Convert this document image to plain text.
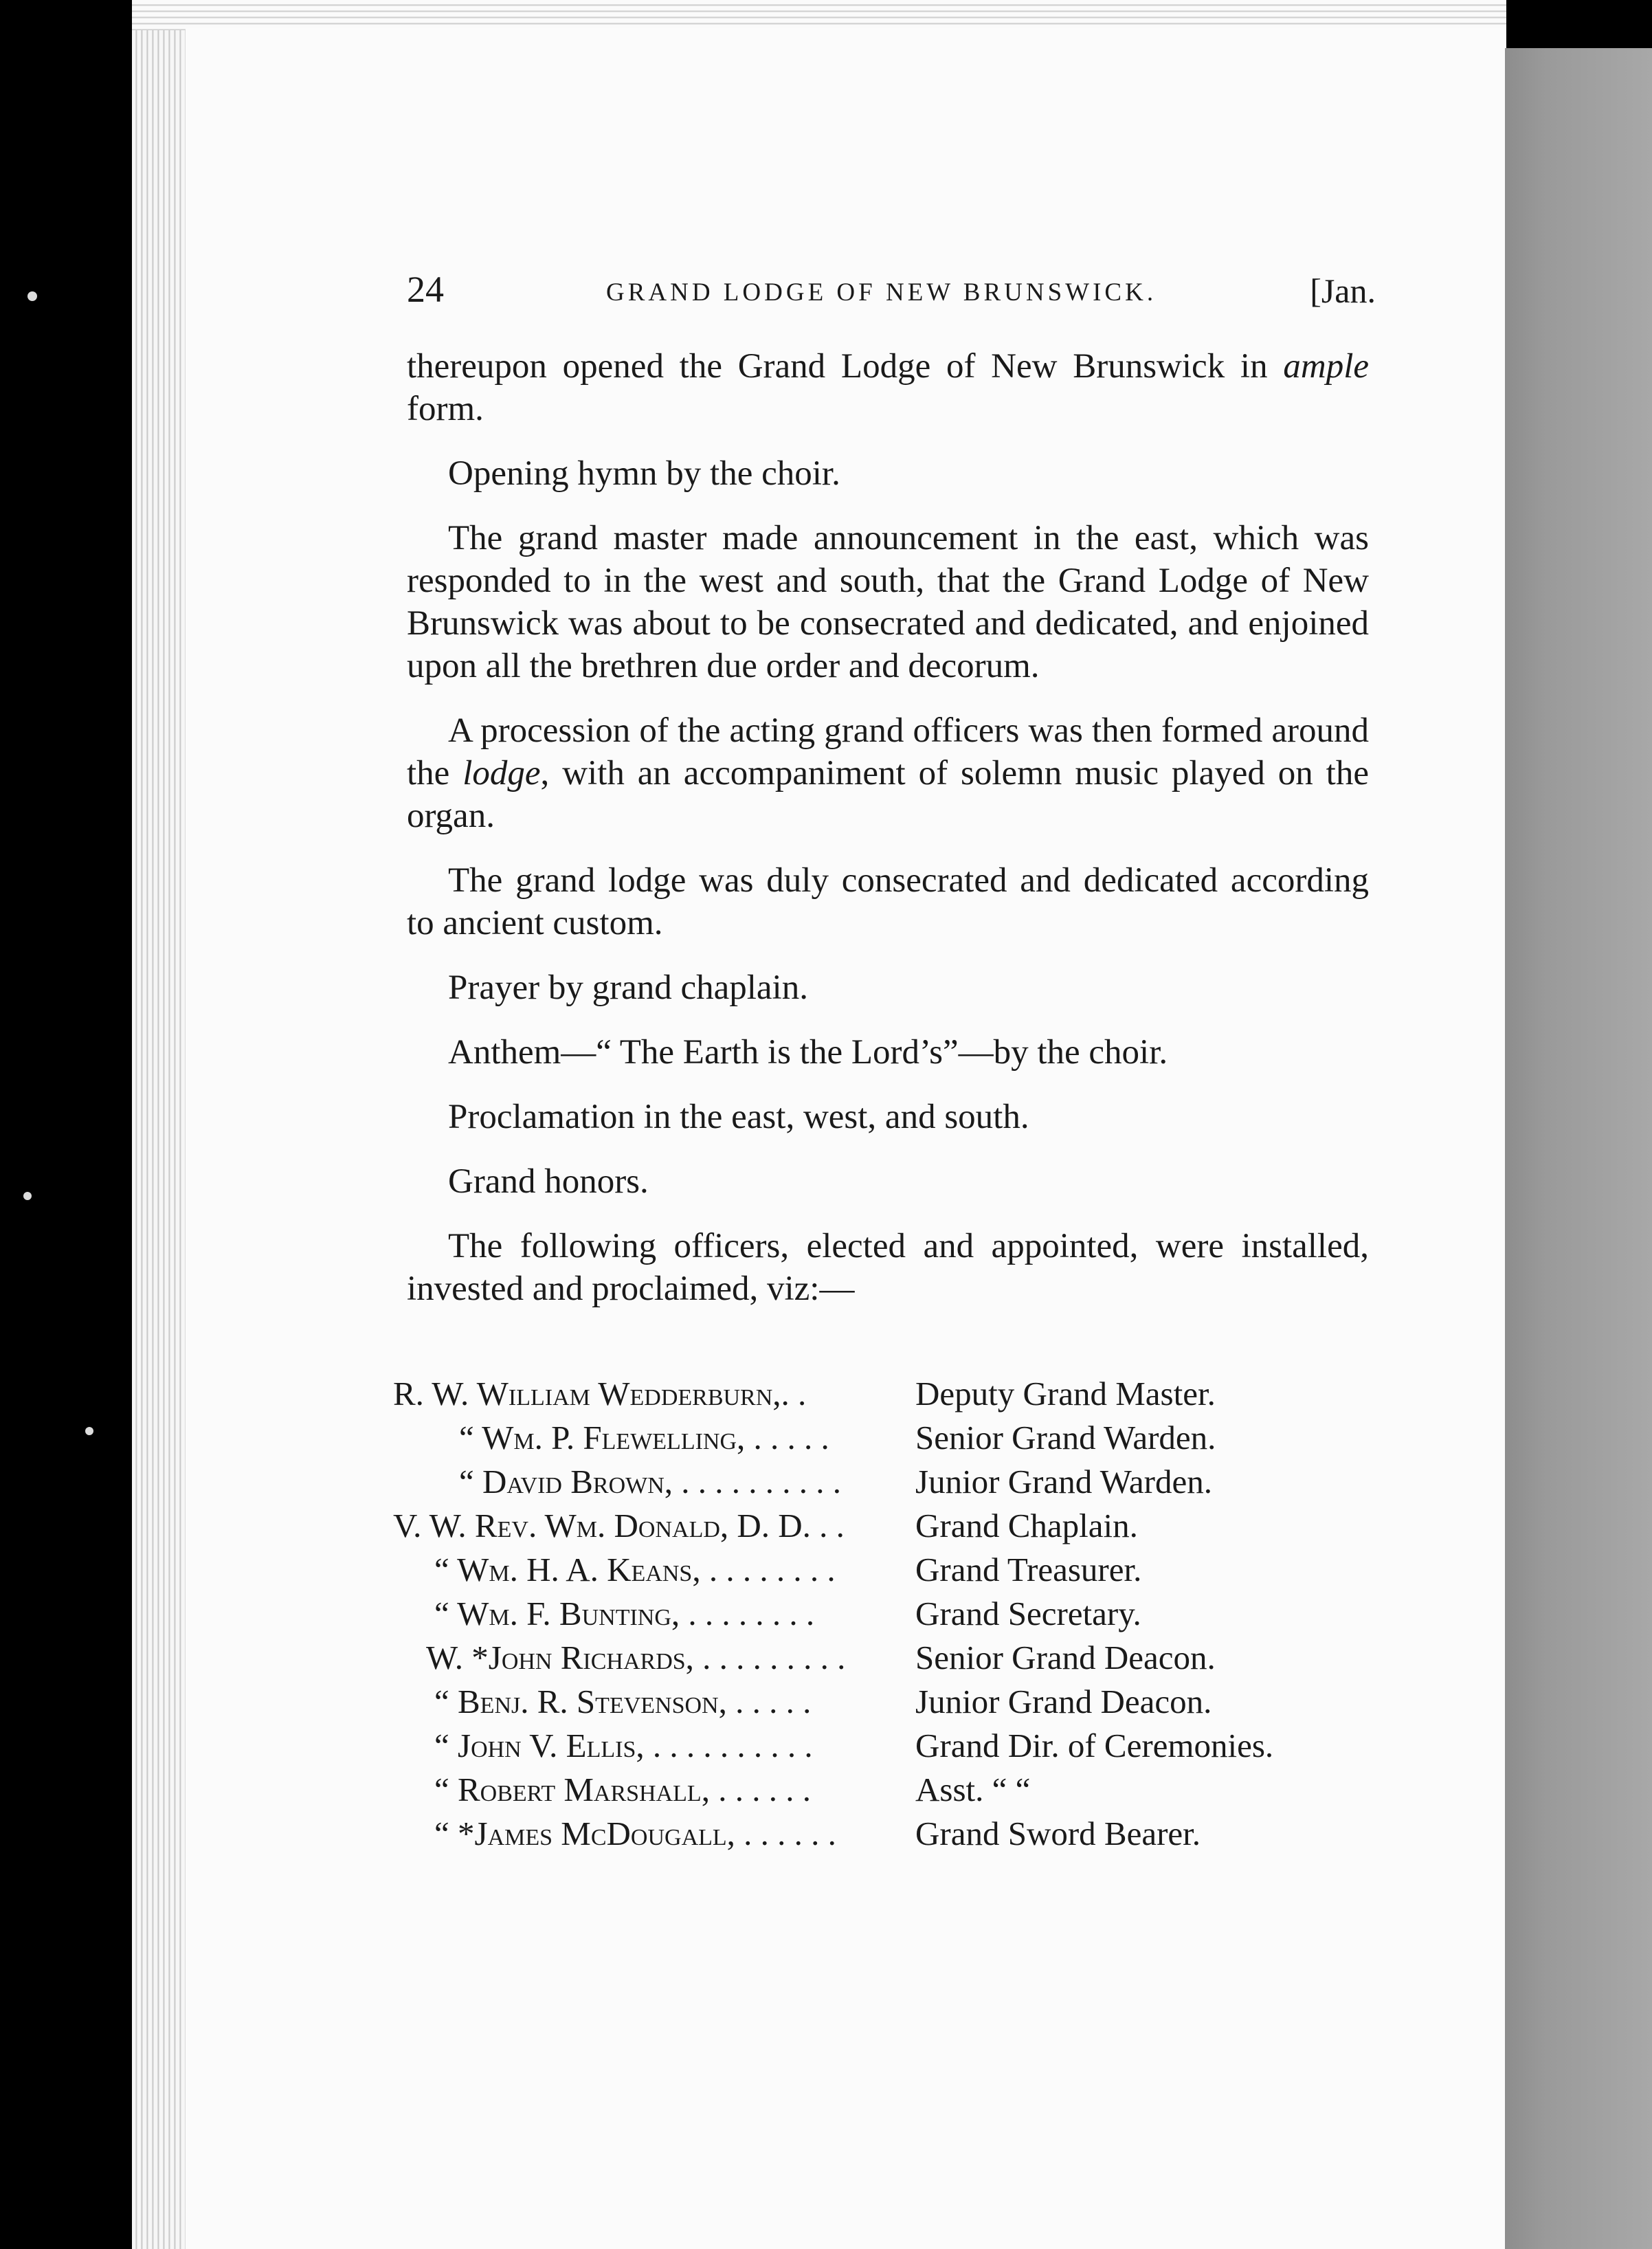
24	GRAND LODGE OF NEW BRUNSWICK.	[Jan.

thereupon opened the Grand Lodge of New Brunswick in ample form.

Opening hymn by the choir.

The grand master made announcement in the east, which was responded to in the west and south, that the Grand Lodge of New Brunswick was about to be consecrated and dedicated, and enjoined upon all the brethren due order and decorum.

A procession of the acting grand officers was then formed around the lodge, with an accompaniment of solemn music played on the organ.

The grand lodge was duly consecrated and dedicated according to ancient custom.

Prayer by grand chaplain.

Anthem—“ The Earth is the Lord’s”—by the choir.

Proclamation in the east, west, and south.

Grand honors.

The following officers, elected and appointed, were installed, invested and proclaimed, viz:—

R. W. William Wedderburn,. .	Deputy Grand Master.
“ Wm. P. Flewelling, . . . . .	Senior Grand Warden.
“ David Brown, . . . . . . . . . . Junior Grand Warden.
V. W. Rev. Wm. Donald, D. D. . . Grand Chaplain.
“ Wm. H. A. Keans, . . . . . . . . Grand Treasurer.
“ Wm. F. Bunting, . . . . . . . .	Grand Secretary.
W. *John Richards, . . . . . . . . . Senior Grand Deacon.
“ Benj. R. Stevenson, . . . . .	Junior Grand Deacon.
“ John V. Ellis, . . . . . . . . . .	Grand Dir. of Ceremonies.
“ Robert Marshall, . . . . . .	Asst. “ “
“ *James McDougall, . . . . . . Grand Sword Bearer.
